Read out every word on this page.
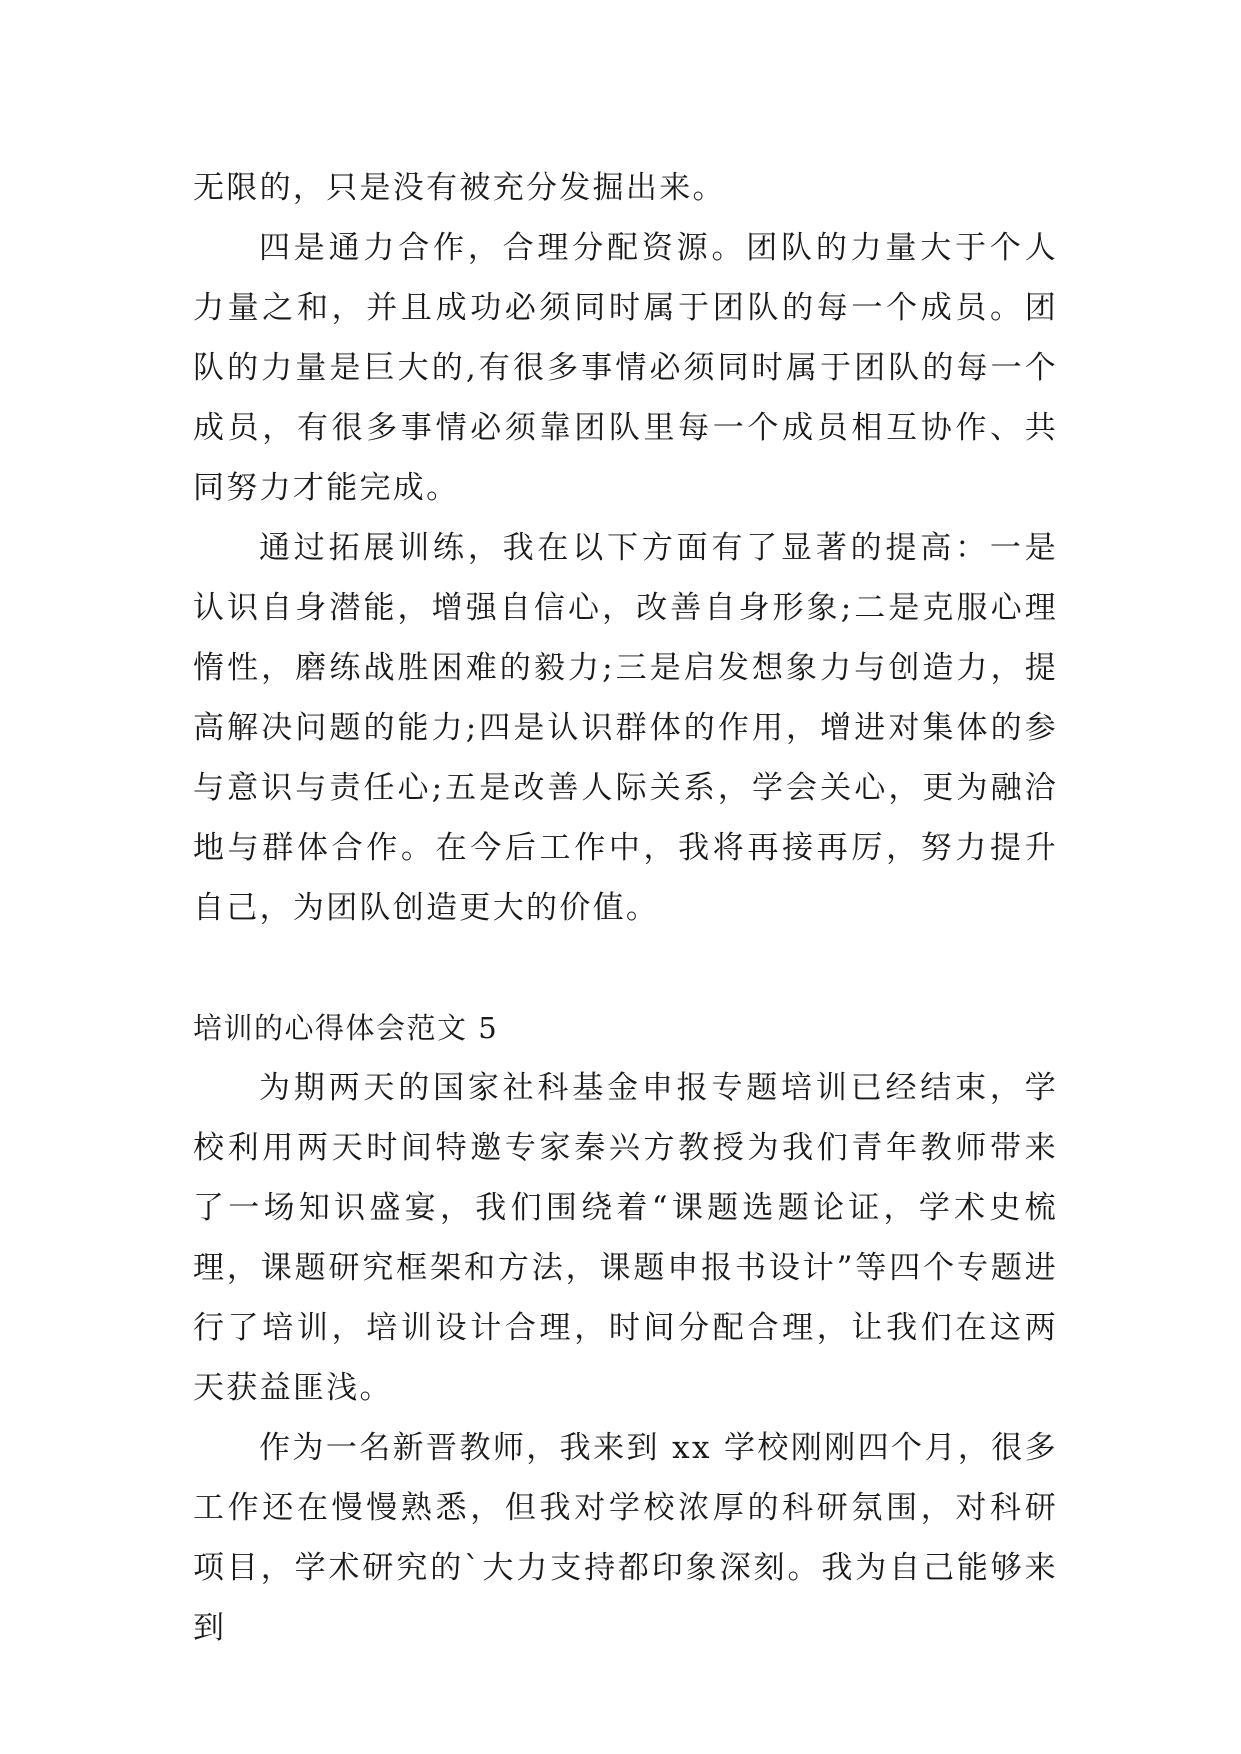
无限的，只是没有被充分发掘出来。

四是通力合作，合理分配资源。团队的力量大于个人力量之和，并且成功必须同时属于团队的每一个成员。团队的力量是巨大的,有很多事情必须同时属于团队的每一个成员，有很多事情必须靠团队里每一个成员相互协作、共同努力才能完成。

通过拓展训练，我在以下方面有了显著的提高：一是认识自身潜能，增强自信心，改善自身形象;二是克服心理惰性，磨练战胜困难的毅力;三是启发想象力与创造力，提高解决问题的能力;四是认识群体的作用，增进对集体的参与意识与责任心;五是改善人际关系，学会关心，更为融洽地与群体合作。在今后工作中，我将再接再厉，努力提升自己，为团队创造更大的价值。

培训的心得体会范文 5

为期两天的国家社科基金申报专题培训已经结束，学校利用两天时间特邀专家秦兴方教授为我们青年教师带来了一场知识盛宴，我们围绕着“课题选题论证，学术史梳理，课题研究框架和方法，课题申报书设计”等四个专题进行了培训，培训设计合理，时间分配合理，让我们在这两天获益匪浅。

作为一名新晋教师，我来到 xx 学校刚刚四个月，很多工作还在慢慢熟悉，但我对学校浓厚的科研氛围，对科研项目，学术研究的`大力支持都印象深刻。我为自己能够来到
